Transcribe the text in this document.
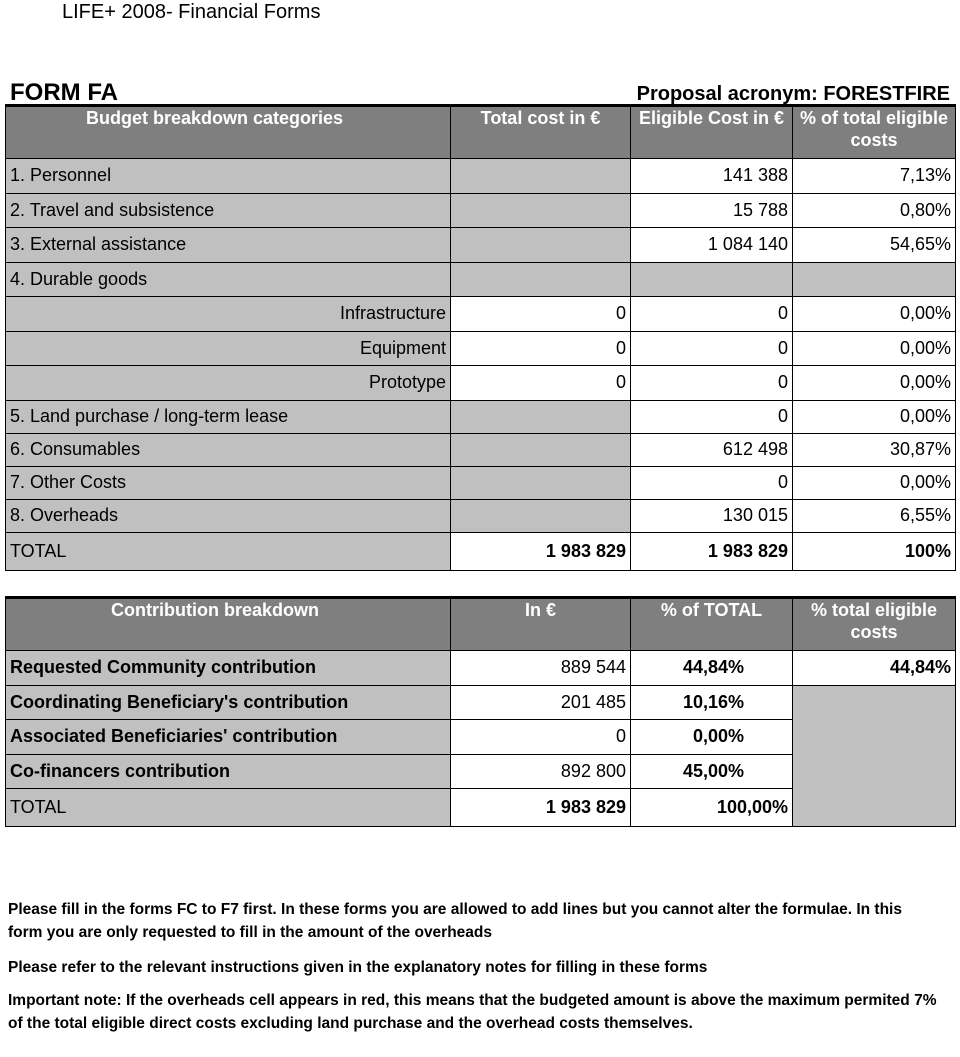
LIFE+ 2008- Financial Forms
FORM FA	Proposal acronym: FORESTFIRE
Budget breakdown categories	Total cost in €	Eligible Cost in €	% of total eligible costs
1. Personnel		141 388	7,13%
2. Travel and subsistence		15 788	0,80%
3. External assistance		1 084 140	54,65%
4. Durable goods			
Infrastructure	0	0	0,00%
Equipment	0	0	0,00%
Prototype	0	0	0,00%
5. Land purchase / long-term lease		0	0,00%
6. Consumables		612 498	30,87%
7. Other Costs		0	0,00%
8. Overheads		130 015	6,55%
TOTAL	1 983 829	1 983 829	100%
Contribution breakdown	In €	% of TOTAL	% total eligible costs
Requested Community contribution	889 544	44,84%	44,84%
Coordinating Beneficiary's contribution	201 485	10,16%	
Associated Beneficiaries' contribution	0	0,00%	
Co-financers contribution	892 800	45,00%	
TOTAL	1 983 829	100,00%	
Please fill in the forms FC to F7 first. In these forms you are allowed to add lines but you cannot alter the formulae. In this form you are only requested to fill in the amount of the overheads
Please refer to the relevant instructions given in the explanatory notes for filling in these forms
Important note: If the overheads cell appears in red, this means that the budgeted amount is above the maximum permited 7% of the total eligible direct costs excluding land purchase and the overhead costs themselves.
